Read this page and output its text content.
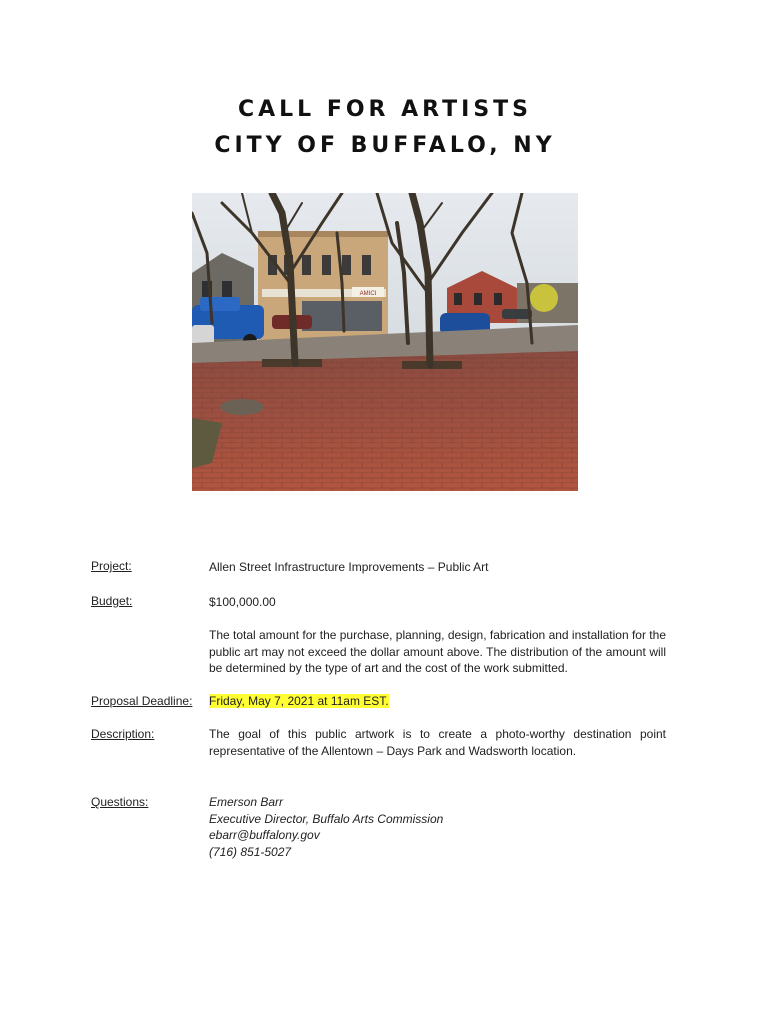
CALL FOR ARTISTS
CITY OF BUFFALO, NY
AMICI
Project:	Allen Street Infrastructure Improvements – Public Art
Budget:	$100,000.00
The total amount for the purchase, planning, design, fabrication and installation for the public art may not exceed the dollar amount above. The distribution of the amount will be determined by the type of art and the cost of the work submitted.
Proposal Deadline: Friday, May 7, 2021 at 11am EST.
Description:	The goal of this public artwork is to create a photo-worthy destination point representative of the Allentown – Days Park and Wadsworth location.
Questions:	Emerson Barr
Executive Director, Buffalo Arts Commission
ebarr@buffalony.gov
(716) 851-5027
